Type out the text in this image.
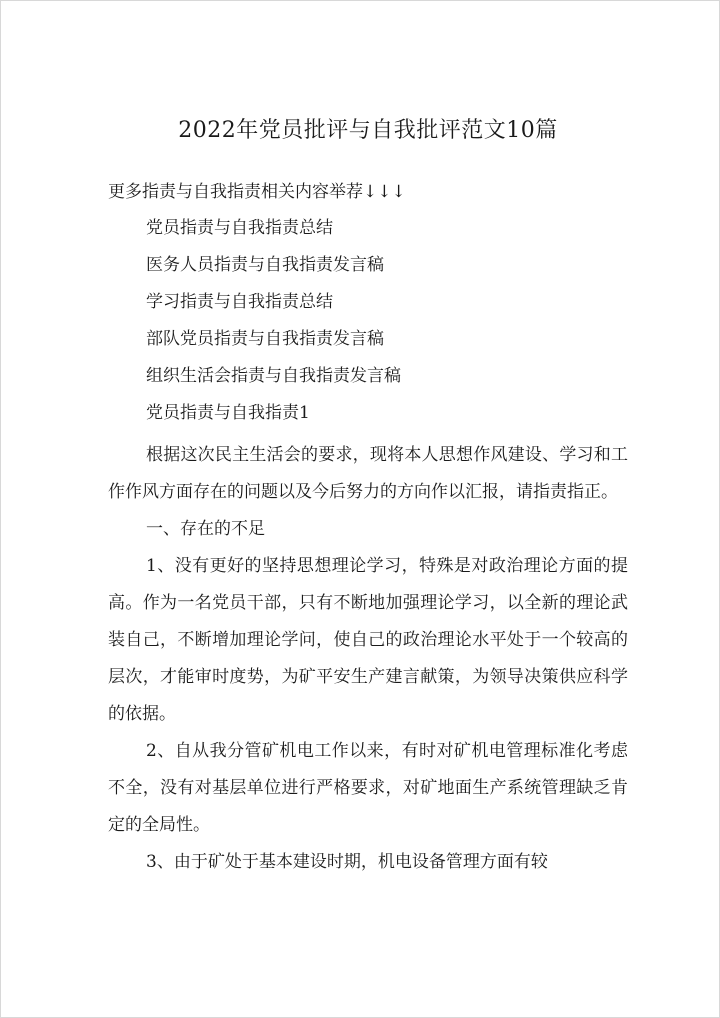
2022年党员批评与自我批评范文10篇

更多指责与自我指责相关内容举荐↓↓↓

党员指责与自我指责总结
医务人员指责与自我指责发言稿
学习指责与自我指责总结
部队党员指责与自我指责发言稿
组织生活会指责与自我指责发言稿
党员指责与自我指责1

根据这次民主生活会的要求，现将本人思想作风建设、学习和工作作风方面存在的问题以及今后努力的方向作以汇报，请指责指正。

一、存在的不足

1、没有更好的坚持思想理论学习，特殊是对政治理论方面的提高。作为一名党员干部，只有不断地加强理论学习，以全新的理论武装自己，不断增加理论学问，使自己的政治理论水平处于一个较高的层次，才能审时度势，为矿平安生产建言献策，为领导决策供应科学的依据。

2、自从我分管矿机电工作以来，有时对矿机电管理标准化考虑不全，没有对基层单位进行严格要求，对矿地面生产系统管理缺乏肯定的全局性。

3、由于矿处于基本建设时期，机电设备管理方面有较
